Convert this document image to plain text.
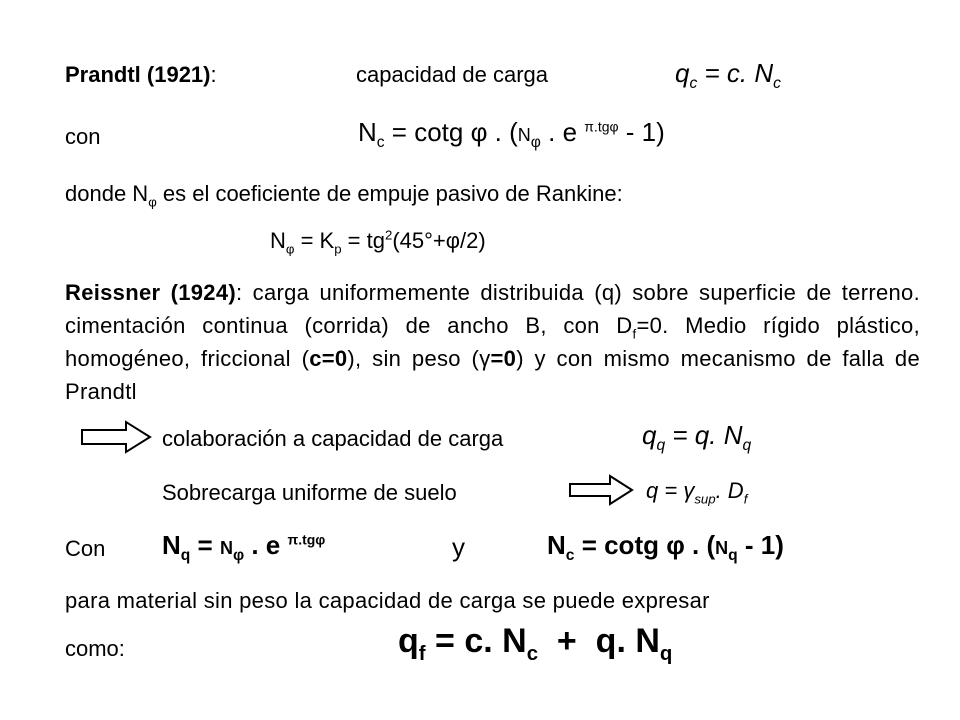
Prandtl (1921):	capacidad de carga	$q_c = c$. $N_c$
con	$N_c = \cot g$ φ . ($N_\varphi$ . e $^{\pi.tg\varphi}$ - 1)
donde $N_\varphi$ es el coeficiente de empuje pasivo de Rankine:
$N_\varphi = K_p = tg^2(45^\circ+\varphi/2)$
Reissner (1924): carga uniformemente distribuida (q) sobre superficie de terreno. cimentación continua (corrida) de ancho B, con $D_f=0$. Medio rígido plástico, homogéneo, friccional (c=0), sin peso (γ=0) y con mismo mecanismo de falla de Prandtl
colaboración a capacidad de carga	$q_q = q$. $N_q$
Sobrecarga uniforme de suelo	$q = \gamma_{sup}$. $D_f$
Con $N_q = N_\varphi$ . e $^{\pi.tg\varphi}$	y	$N_c = \cot g$ φ . $(N_q - 1)$
para material sin peso la capacidad de carga se puede expresar
como:	$q_f = c$. $N_c + q$. $N_q$
